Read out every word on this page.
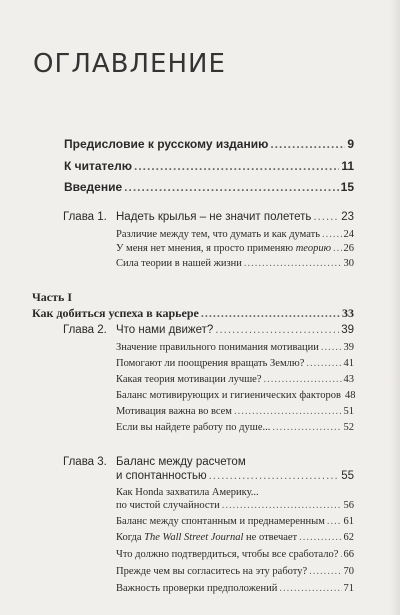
ОГЛАВЛЕНИЕ
Предисловие к русскому изданию .....	9
К читателю .....	11
Введение .....	15
Глава 1. Надеть крылья – не значит полететь .....	23
Различие между тем, что думать и как думать ..... 24
У меня нет мнения, я просто применяю теорию ..... 26
Сила теории в нашей жизни .....	30
Часть I
Как добиться успеха в карьере .....	33
Глава 2. Что нами движет? .....	39
Значение правильного понимания мотивации ..... 39
Помогают ли поощрения вращать Землю? .....	41
Какая теория мотивации лучше? .....	43
Баланс мотивирующих и гигиенических факторов 48
Мотивация важна во всем .....	51
Если вы найдете работу по душе... .....	52
Глава 3. Баланс между расчетом
и спонтанностью .....	55
Как Honda захватила Америку...
по чистой случайности .....	56
Баланс между спонтанным и преднамеренным ..... 61
Когда The Wall Street Journal не отвечает .....	62
Что должно подтвердиться, чтобы все сработало? ..... 66
Прежде чем вы согласитесь на эту работу? .....	70
Важность проверки предположений .....	71
